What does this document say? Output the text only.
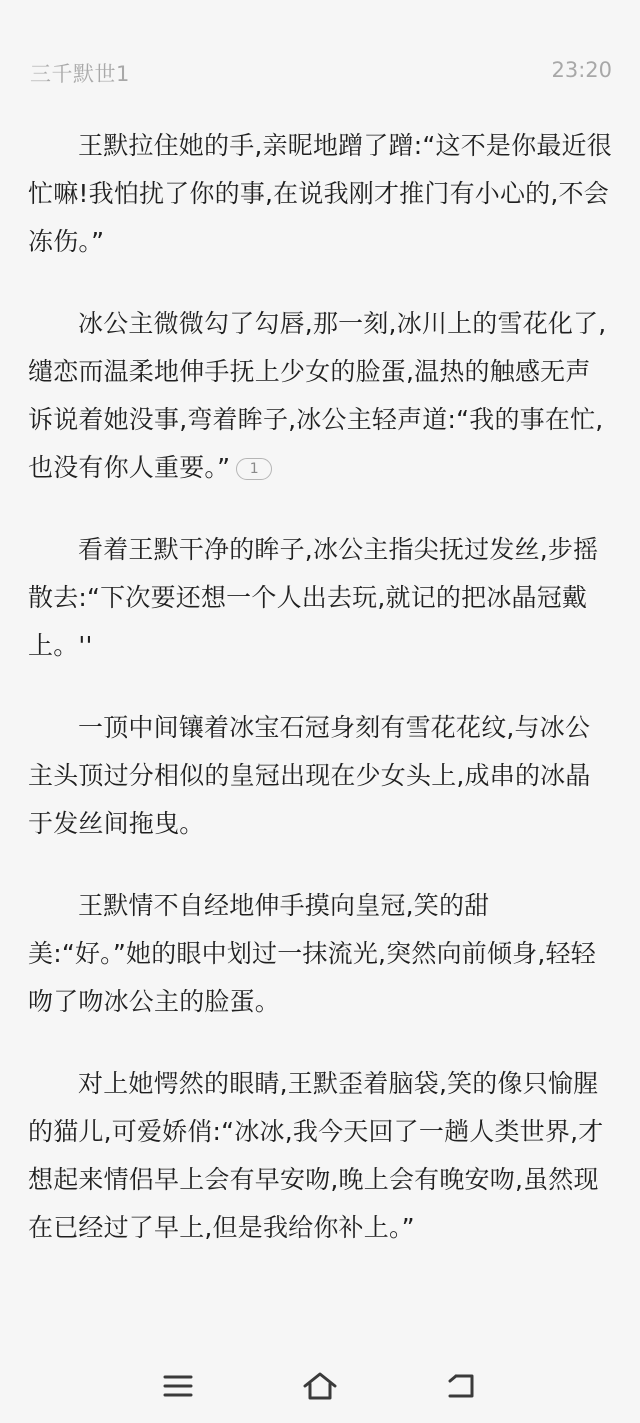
三千默世1	23:20

王默拉住她的手,亲昵地蹭了蹭:“这不是你最近很忙嘛!我怕扰了你的事,在说我刚才推门有小心的,不会冻伤。”

冰公主微微勾了勾唇,那一刻,冰川上的雪花化了,缱恋而温柔地伸手抚上少女的脸蛋,温热的触感无声诉说着她没事,弯着眸子,冰公主轻声道:“我的事在忙,也没有你人重要。” 1

看着王默干净的眸子,冰公主指尖抚过发丝,步摇散去:“下次要还想一个人出去玩,就记的把冰晶冠戴上。''

一顶中间镶着冰宝石冠身刻有雪花花纹,与冰公主头顶过分相似的皇冠出现在少女头上,成串的冰晶于发丝间拖曳。

王默情不自经地伸手摸向皇冠,笑的甜美:“好。”她的眼中划过一抹流光,突然向前倾身,轻轻吻了吻冰公主的脸蛋。

对上她愕然的眼睛,王默歪着脑袋,笑的像只愉腥的猫儿,可爱娇俏:“冰冰,我今天回了一趟人类世界,才想起来情侣早上会有早安吻,晚上会有晚安吻,虽然现在已经过了早上,但是我给你补上。”
